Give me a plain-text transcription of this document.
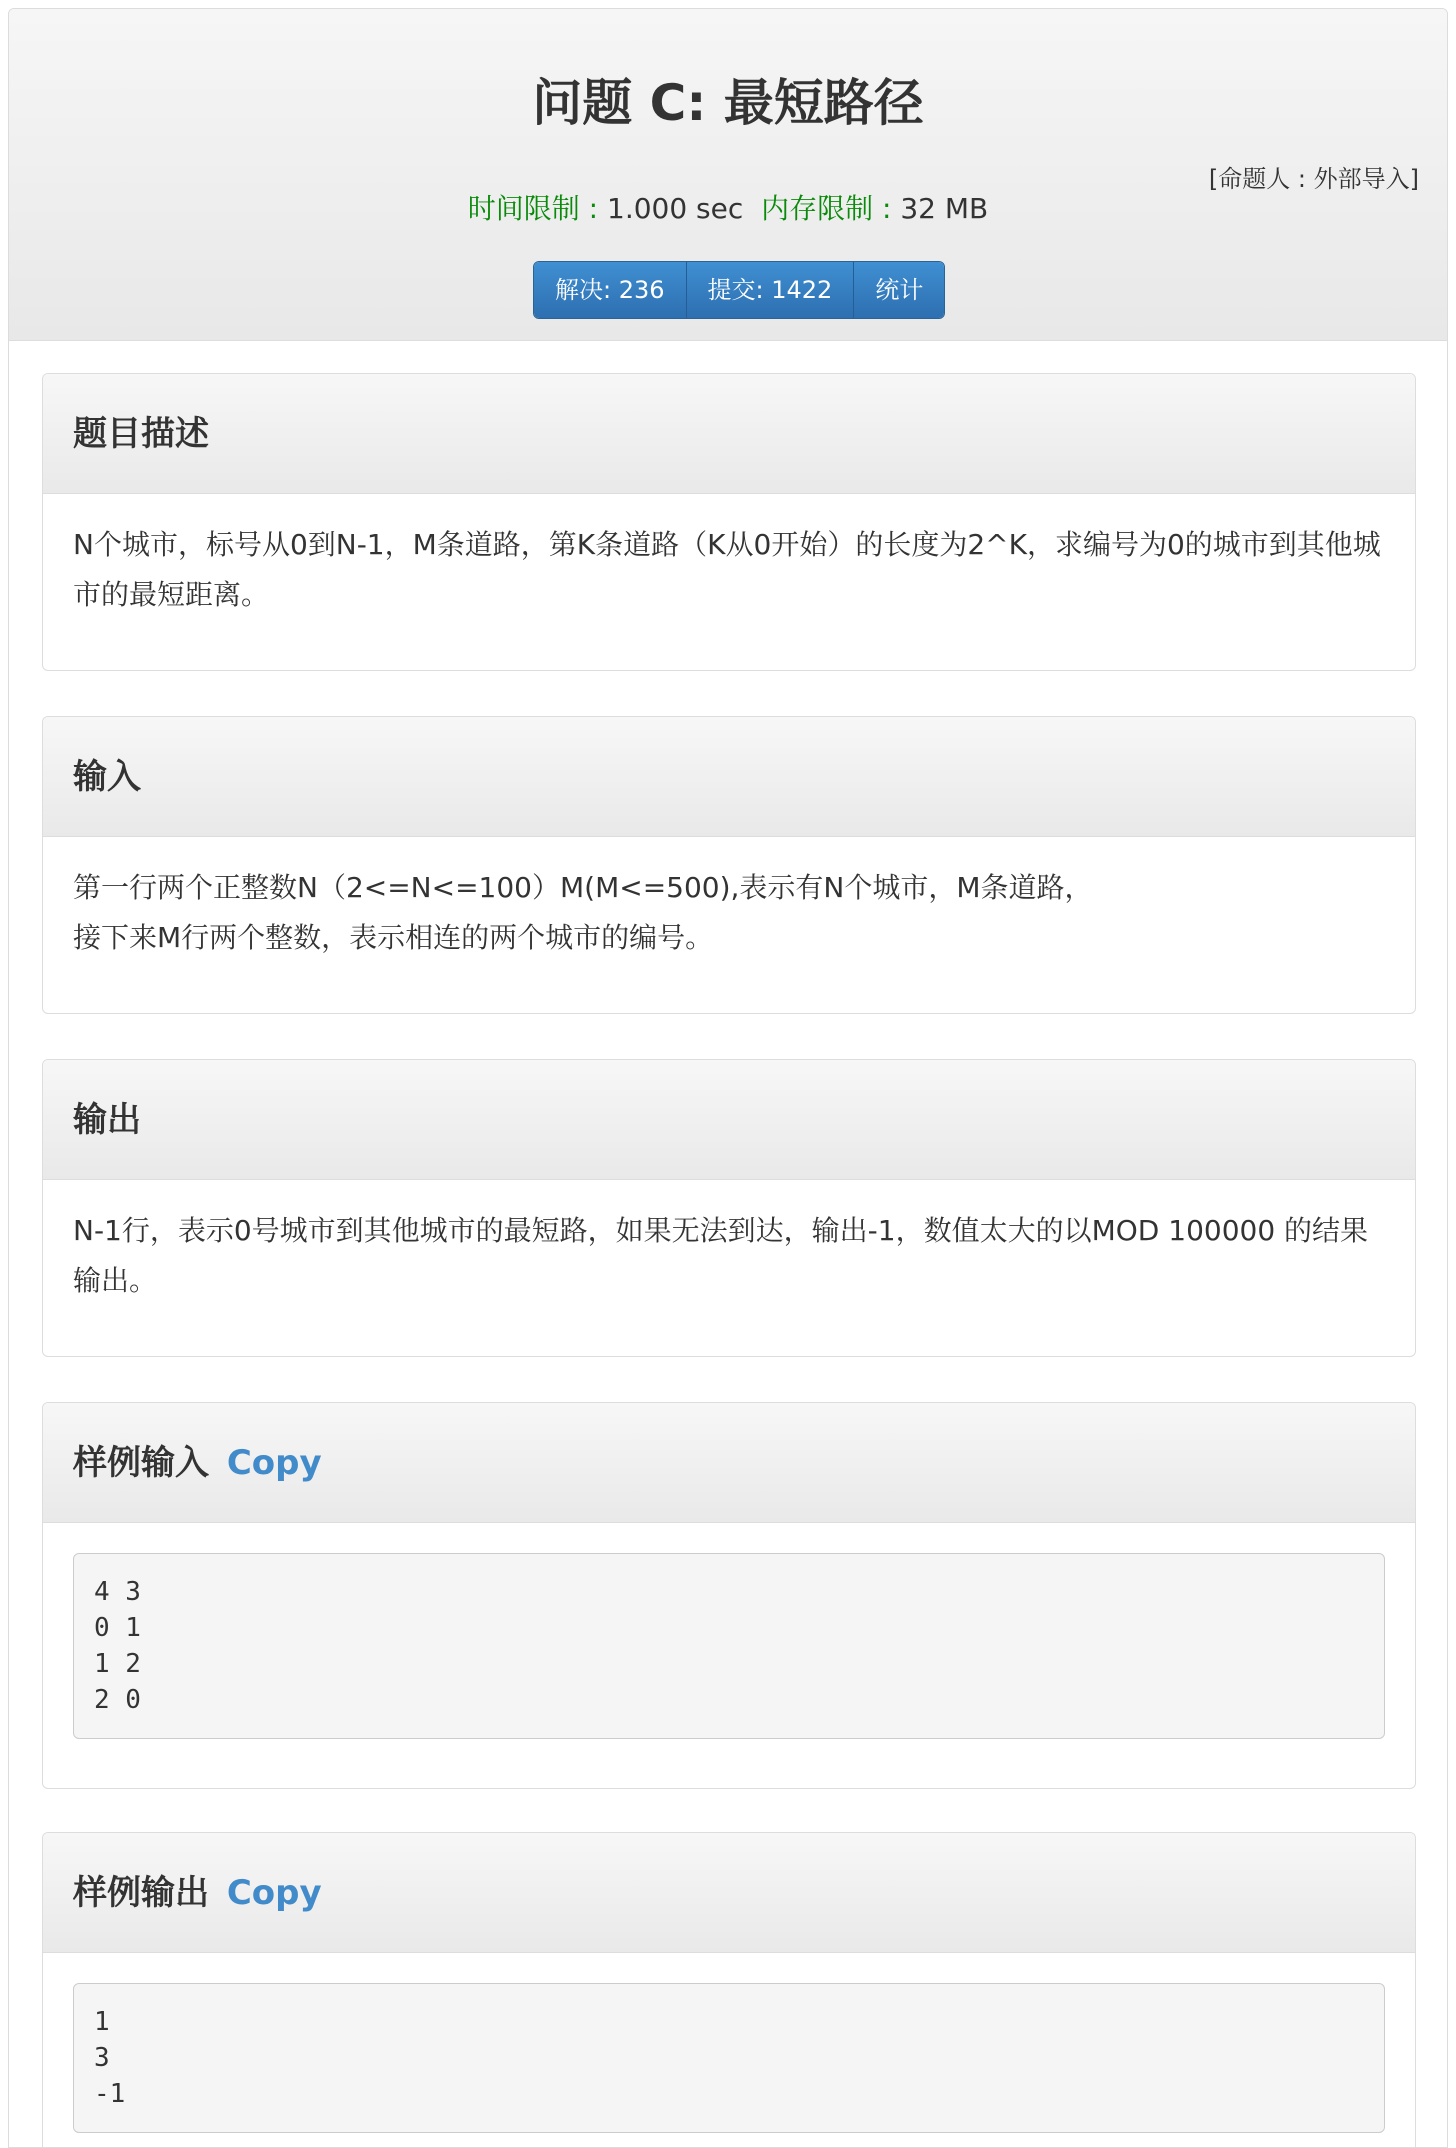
问题 C: 最短路径
[命题人 : 外部导入]
时间限制 : 1.000 sec 内存限制 : 32 MB
解决: 236	提交: 1422	统计
题目描述
N个城市，标号从0到N-1，M条道路，第K条道路（K从0开始）的长度为2^K，求编号为0的城市到其他城市的最短距离。
输入
第一行两个正整数N（2<=N<=100）M(M<=500),表示有N个城市，M条道路，
接下来M行两个整数，表示相连的两个城市的编号。
输出
N-1行，表示0号城市到其他城市的最短路，如果无法到达，输出-1，数值太大的以MOD 100000 的结果输出。
样例输入 Copy
4 3
0 1
1 2
2 0
样例输出 Copy
1
3
-1
